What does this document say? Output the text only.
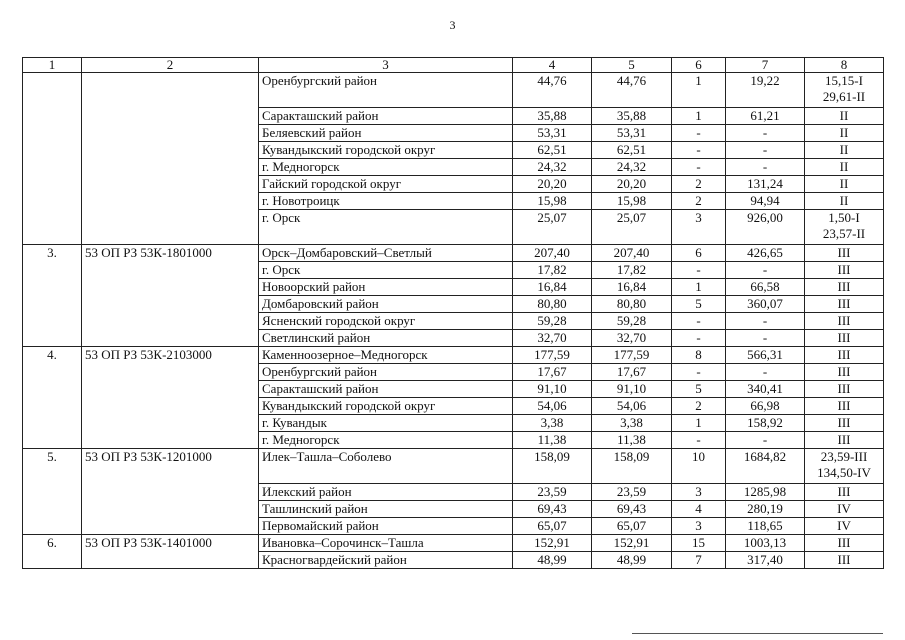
3
1	2	3	4	5	6	7	8
		Оренбургский район	44,76	44,76	1	19,22	15,15-I
29,61-II

		Саракташский район	35,88	35,88	1	61,21	II

		Беляевский район	53,31	53,31	-	-	II

		Кувандыкский городской округ	62,51	62,51	-	-	II

		г. Медногорск	24,32	24,32	-	-	II

		Гайский городской округ	20,20	20,20	2	131,24	II

		г. Новотроицк	15,98	15,98	2	94,94	II

		г. Орск	25,07	25,07	3	926,00	1,50-I
23,57-II

3.	53 ОП РЗ 53К-1801000	Орск–Домбаровский–Светлый	207,40	207,40	6	426,65	III

		г. Орск	17,82	17,82	-	-	III

		Новоорский район	16,84	16,84	1	66,58	III

		Домбаровский район	80,80	80,80	5	360,07	III

		Ясненский городской округ	59,28	59,28	-	-	III

		Светлинский район	32,70	32,70	-	-	III

4.	53 ОП РЗ 53К-2103000	Каменноозерное–Медногорск	177,59	177,59	8	566,31	III

		Оренбургский район	17,67	17,67	-	-	III

		Саракташский район	91,10	91,10	5	340,41	III

		Кувандыкский городской округ	54,06	54,06	2	66,98	III

		г. Кувандык	3,38	3,38	1	158,92	III

		г. Медногорск	11,38	11,38	-	-	III

5.	53 ОП РЗ 53К-1201000	Илек–Ташла–Соболево	158,09	158,09	10	1684,82	23,59-III
134,50-IV

		Илекский район	23,59	23,59	3	1285,98	III

		Ташлинский район	69,43	69,43	4	280,19	IV

		Первомайский район	65,07	65,07	3	118,65	IV

6.	53 ОП РЗ 53К-1401000	Ивановка–Сорочинск–Ташла	152,91	152,91	15	1003,13	III

		Красногвардейский район	48,99	48,99	7	317,40	III
